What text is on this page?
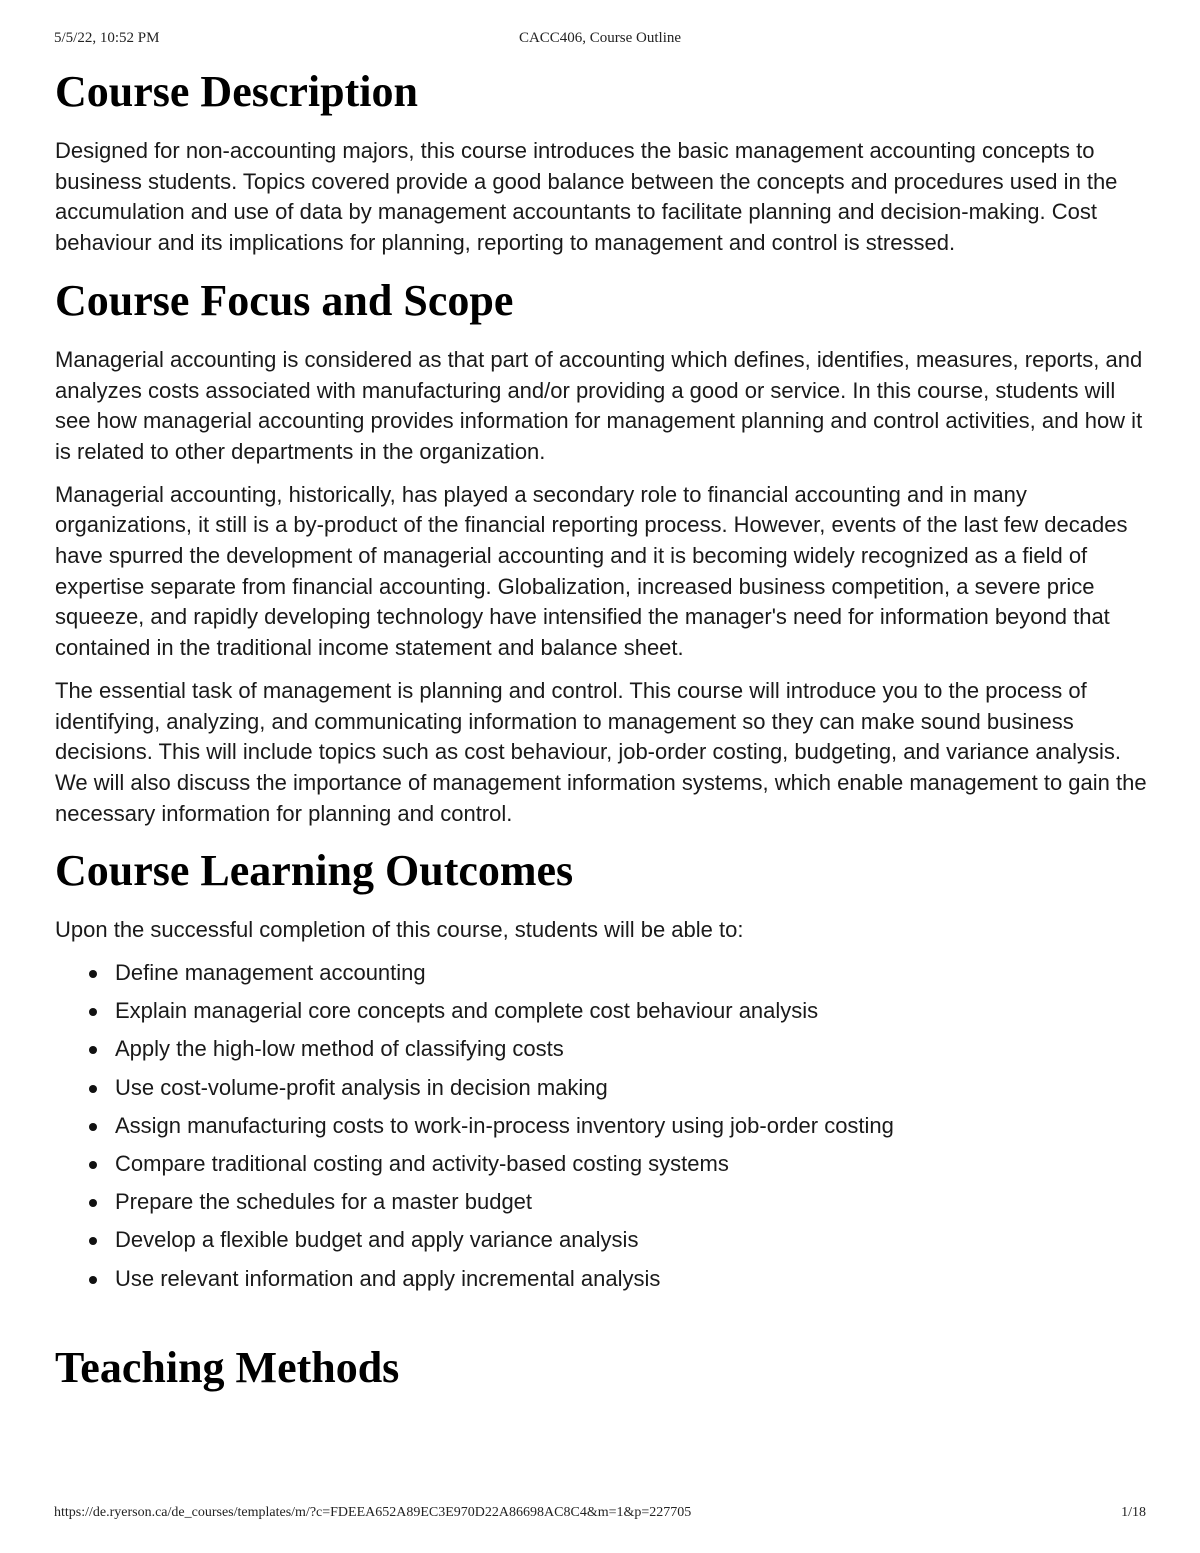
5/5/22, 10:52 PM	CACC406, Course Outline
Course Description

Designed for non-accounting majors, this course introduces the basic management accounting concepts to business students. Topics covered provide a good balance between the concepts and procedures used in the accumulation and use of data by management accountants to facilitate planning and decision-making. Cost behaviour and its implications for planning, reporting to management and control is stressed.

Course Focus and Scope

Managerial accounting is considered as that part of accounting which defines, identifies, measures, reports, and analyzes costs associated with manufacturing and/or providing a good or service. In this course, students will see how managerial accounting provides information for management planning and control activities, and how it is related to other departments in the organization.

Managerial accounting, historically, has played a secondary role to financial accounting and in many organizations, it still is a by-product of the financial reporting process. However, events of the last few decades have spurred the development of managerial accounting and it is becoming widely recognized as a field of expertise separate from financial accounting. Globalization, increased business competition, a severe price squeeze, and rapidly developing technology have intensified the manager's need for information beyond that contained in the traditional income statement and balance sheet.

The essential task of management is planning and control. This course will introduce you to the process of identifying, analyzing, and communicating information to management so they can make sound business decisions. This will include topics such as cost behaviour, job-order costing, budgeting, and variance analysis. We will also discuss the importance of management information systems, which enable management to gain the necessary information for planning and control.

Course Learning Outcomes

Upon the successful completion of this course, students will be able to:

Define management accounting
Explain managerial core concepts and complete cost behaviour analysis
Apply the high-low method of classifying costs
Use cost-volume-profit analysis in decision making
Assign manufacturing costs to work-in-process inventory using job-order costing
Compare traditional costing and activity-based costing systems
Prepare the schedules for a master budget
Develop a flexible budget and apply variance analysis
Use relevant information and apply incremental analysis
Teaching Methods
https://de.ryerson.ca/de_courses/templates/m/?c=FDEEA652A89EC3E970D22A86698AC8C4&m=1&p=227705	1/18
